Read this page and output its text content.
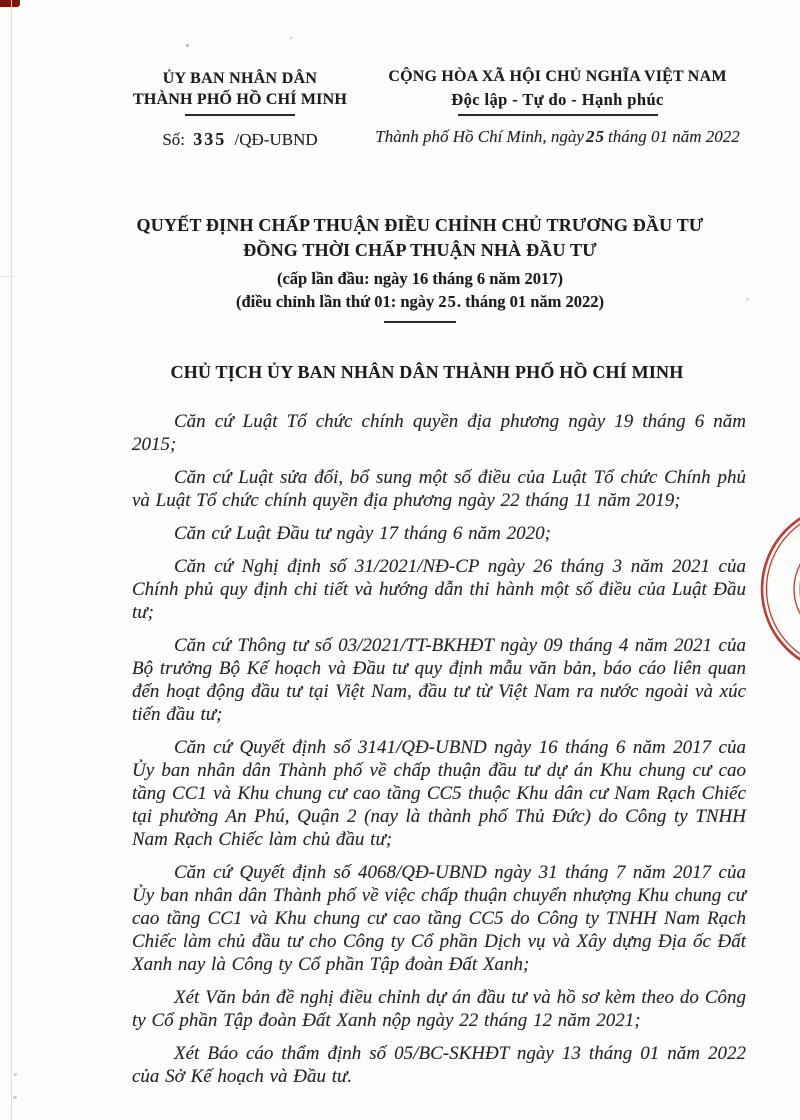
ỦY BAN NHÂN DÂN
THÀNH PHỐ HỒ CHÍ MINH
Số: 335 /QĐ-UBND
CỘNG HÒA XÃ HỘI CHỦ NGHĨA VIỆT NAM
Độc lập - Tự do - Hạnh phúc
Thành phố Hồ Chí Minh, ngày 25 tháng 01 năm 2022
QUYẾT ĐỊNH CHẤP THUẬN ĐIỀU CHỈNH CHỦ TRƯƠNG ĐẦU TƯ
ĐỒNG THỜI CHẤP THUẬN NHÀ ĐẦU TƯ
(cấp lần đầu: ngày 16 tháng 6 năm 2017)
(điều chỉnh lần thứ 01: ngày 25. tháng 01 năm 2022)
CHỦ TỊCH ỦY BAN NHÂN DÂN THÀNH PHỐ HỒ CHÍ MINH

Căn cứ Luật Tổ chức chính quyền địa phương ngày 19 tháng 6 năm 2015;

Căn cứ Luật sửa đổi, bổ sung một số điều của Luật Tổ chức Chính phủ và Luật Tổ chức chính quyền địa phương ngày 22 tháng 11 năm 2019;

Căn cứ Luật Đầu tư ngày 17 tháng 6 năm 2020;

Căn cứ Nghị định số 31/2021/NĐ-CP ngày 26 tháng 3 năm 2021 của Chính phủ quy định chi tiết và hướng dẫn thi hành một số điều của Luật Đầu tư;

Căn cứ Thông tư số 03/2021/TT-BKHĐT ngày 09 tháng 4 năm 2021 của Bộ trưởng Bộ Kế hoạch và Đầu tư quy định mẫu văn bản, báo cáo liên quan đến hoạt động đầu tư tại Việt Nam, đầu tư từ Việt Nam ra nước ngoài và xúc tiến đầu tư;

Căn cứ Quyết định số 3141/QĐ-UBND ngày 16 tháng 6 năm 2017 của Ủy ban nhân dân Thành phố về chấp thuận đầu tư dự án Khu chung cư cao tầng CC1 và Khu chung cư cao tầng CC5 thuộc Khu dân cư Nam Rạch Chiếc tại phường An Phú, Quận 2 (nay là thành phố Thủ Đức) do Công ty TNHH Nam Rạch Chiếc làm chủ đầu tư;

Căn cứ Quyết định số 4068/QĐ-UBND ngày 31 tháng 7 năm 2017 của Ủy ban nhân dân Thành phố về việc chấp thuận chuyển nhượng Khu chung cư cao tầng CC1 và Khu chung cư cao tầng CC5 do Công ty TNHH Nam Rạch Chiếc làm chủ đầu tư cho Công ty Cổ phần Dịch vụ và Xây dựng Địa ốc Đất Xanh nay là Công ty Cổ phần Tập đoàn Đất Xanh;

Xét Văn bản đề nghị điều chỉnh dự án đầu tư và hồ sơ kèm theo do Công ty Cổ phần Tập đoàn Đất Xanh nộp ngày 22 tháng 12 năm 2021;

Xét Báo cáo thẩm định số 05/BC-SKHĐT ngày 13 tháng 01 năm 2022 của Sở Kế hoạch và Đầu tư.
